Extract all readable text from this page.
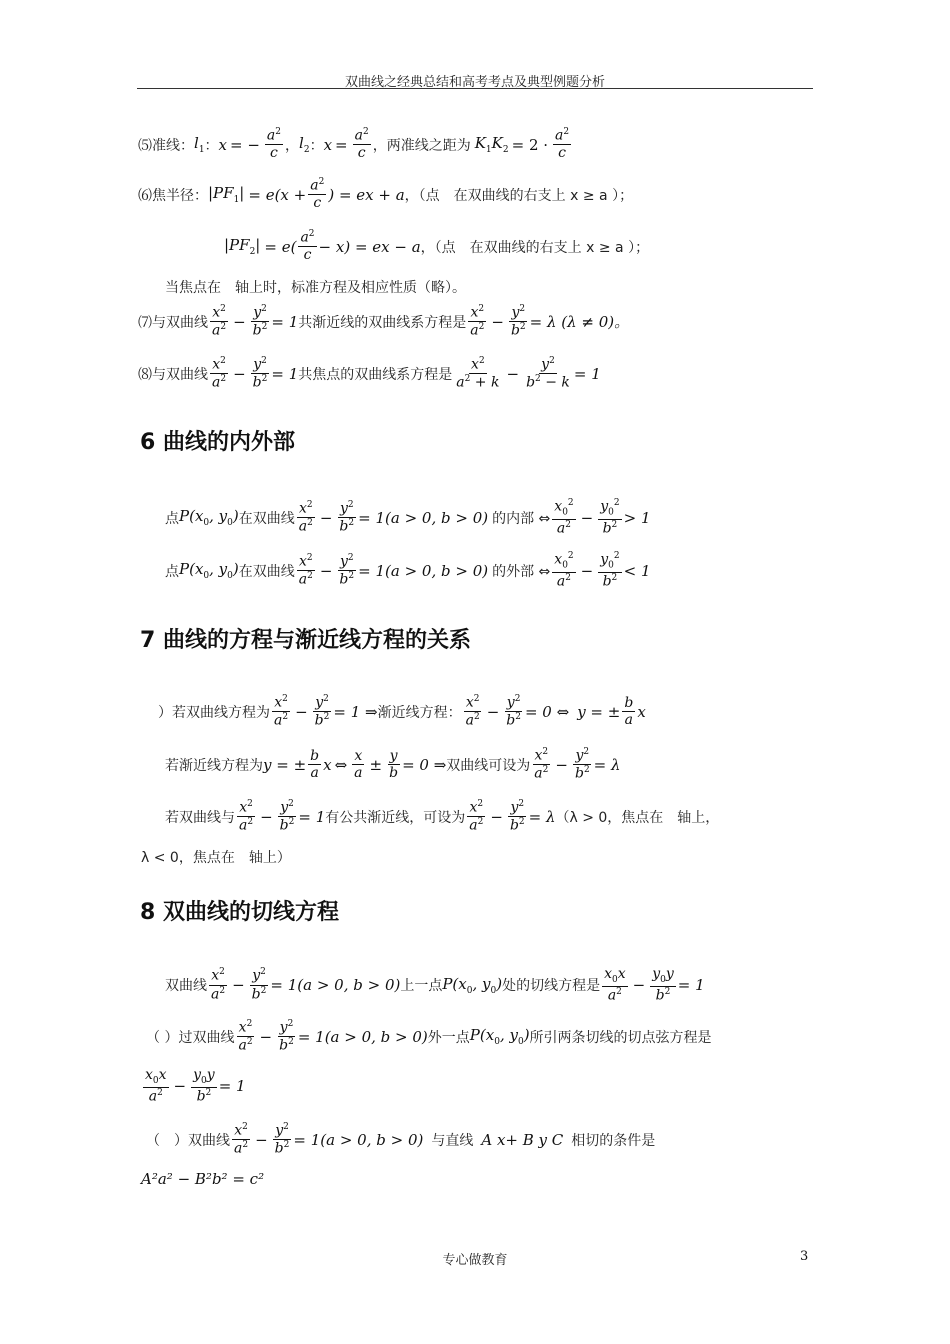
双曲线之经典总结和高考考点及典型例题分析
⑸准线： $l_1$ ： x = − $\frac{a^2}{c}$ ， $l_2$ ： $x = \frac{a^2}{c}$ ，两准线之距为 $K_1K_2 = 2 \cdot \frac{a^2}{c}$
⑹焦半径： $|PF_1| = e(x + \frac{a^2}{c}$ ) = ex + a ，（点　在双曲线的右支上 x ≥ a ）；
$|PF_2| = e( \frac{a^2}{c} - x)$ = ex − a ，（点　在双曲线的右支上 x ≥ a ）；
当焦点在　轴上时，标准方程及相应性质（略）。
⑺与双曲线 $\frac{x^2}{a^2} - \frac{y^2}{b^2} = 1$ 共渐近线的双曲线系方程是 $\frac{x^2}{a^2} - \frac{y^2}{b^2} = \lambda$ (λ ≠ 0)。
⑻与双曲线 $\frac{x^2}{a^2} - \frac{y^2}{b^2} = 1$ 共焦点的双曲线系方程是 $\frac{x^2}{a^2 + k} - \frac{y^2}{b^2 - k} = 1$
6 曲线的内外部
点 $P(x_0$, $y_0$) 在双曲线 $\frac{x^2}{a^2} - \frac{y^2}{b^2} = 1(a > 0$, b > 0) 的内部 ⇔ $\frac{x_0^2}{a^2} - \frac{y_0^2}{b^2} > 1$
点 $P(x_0$, $y_0$) 在双曲线 $\frac{x^2}{a^2} - \frac{y^2}{b^2} = 1(a > 0$, b > 0) 的外部 ⇔ $\frac{x_0^2}{a^2} - \frac{y_0^2}{b^2} < 1$
7 曲线的方程与渐近线方程的关系
）若双曲线方程为 $\frac{x^2}{a^2} - \frac{y^2}{b^2} = 1$ ⇒ 渐近线方程： $\frac{x^2}{a^2} - \frac{y^2}{b^2} = 0$ ⇔ y = ± $\frac{b}{a}$ x
若渐近线方程为 y = ± $\frac{b}{a}$ x ⇔ $\frac{x}{a} \pm \frac{y}{b} = 0$ ⇒ 双曲线可设为 $\frac{x^2}{a^2} - \frac{y^2}{b^2} = \lambda$
若双曲线与 $\frac{x^2}{a^2} - \frac{y^2}{b^2} = 1$ 有公共渐近线，可设为 $\frac{x^2}{a^2} - \frac{y^2}{b^2} = \lambda$ （λ > 0，焦点在　轴上，
λ < 0，焦点在　轴上）
8 双曲线的切线方程
双曲线 $\frac{x^2}{a^2} - \frac{y^2}{b^2} = 1(a > 0$, b > 0) 上一点 $P(x_0$, $y_0$) 处的切线方程是 $\frac{x_0x}{a^2} - \frac{y_0y}{b^2} = 1$
（ ）过双曲线 $\frac{x^2}{a^2} - \frac{y^2}{b^2} = 1(a > 0$, b > 0) 外一点 $P(x_0$, $y_0$) 所引两条切线的切点弦方程是
$\frac{x_0x}{a^2} - \frac{y_0y}{b^2} = 1$
（　）双曲线 $\frac{x^2}{a^2} - \frac{y^2}{b^2} = 1(a > 0$, b > 0) 与直线 A x+ B y C 相切的条件是
A²a² − B²b² = c²
专心做教育	3
